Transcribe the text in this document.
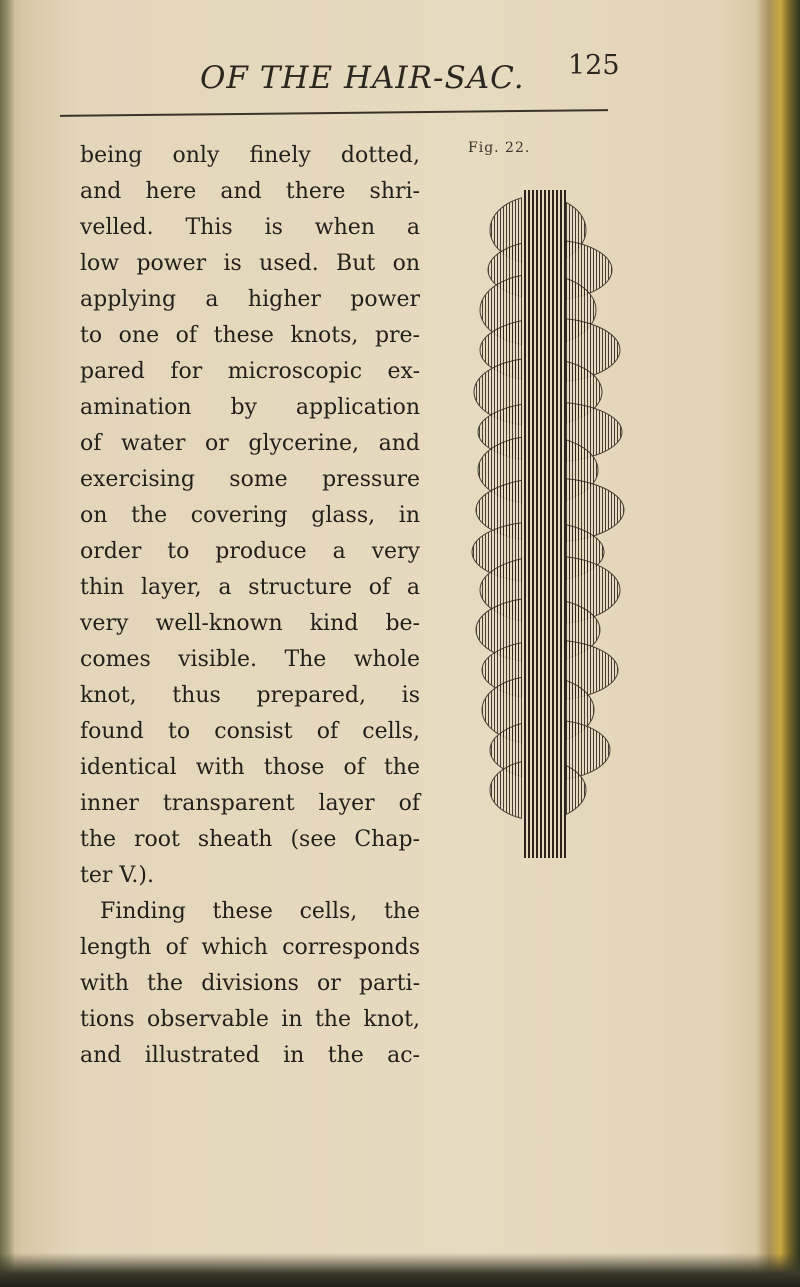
OF THE HAIR-SAC. 125
being only finely dotted,
and here and there shri-
velled. This is when a
low power is used. But on
applying a higher power
to one of these knots, pre-
pared for microscopic ex-
amination by application
of water or glycerine, and
exercising some pressure
on the covering glass, in
order to produce a very
thin layer, a structure of a
very well-known kind be-
comes visible. The whole
knot, thus prepared, is
found to consist of cells,
identical with those of the
inner transparent layer of
the root sheath (see Chap-
ter V.).
Finding these cells, the
length of which corresponds
with the divisions or parti-
tions observable in the knot,
and illustrated in the ac-
Fig. 22.
